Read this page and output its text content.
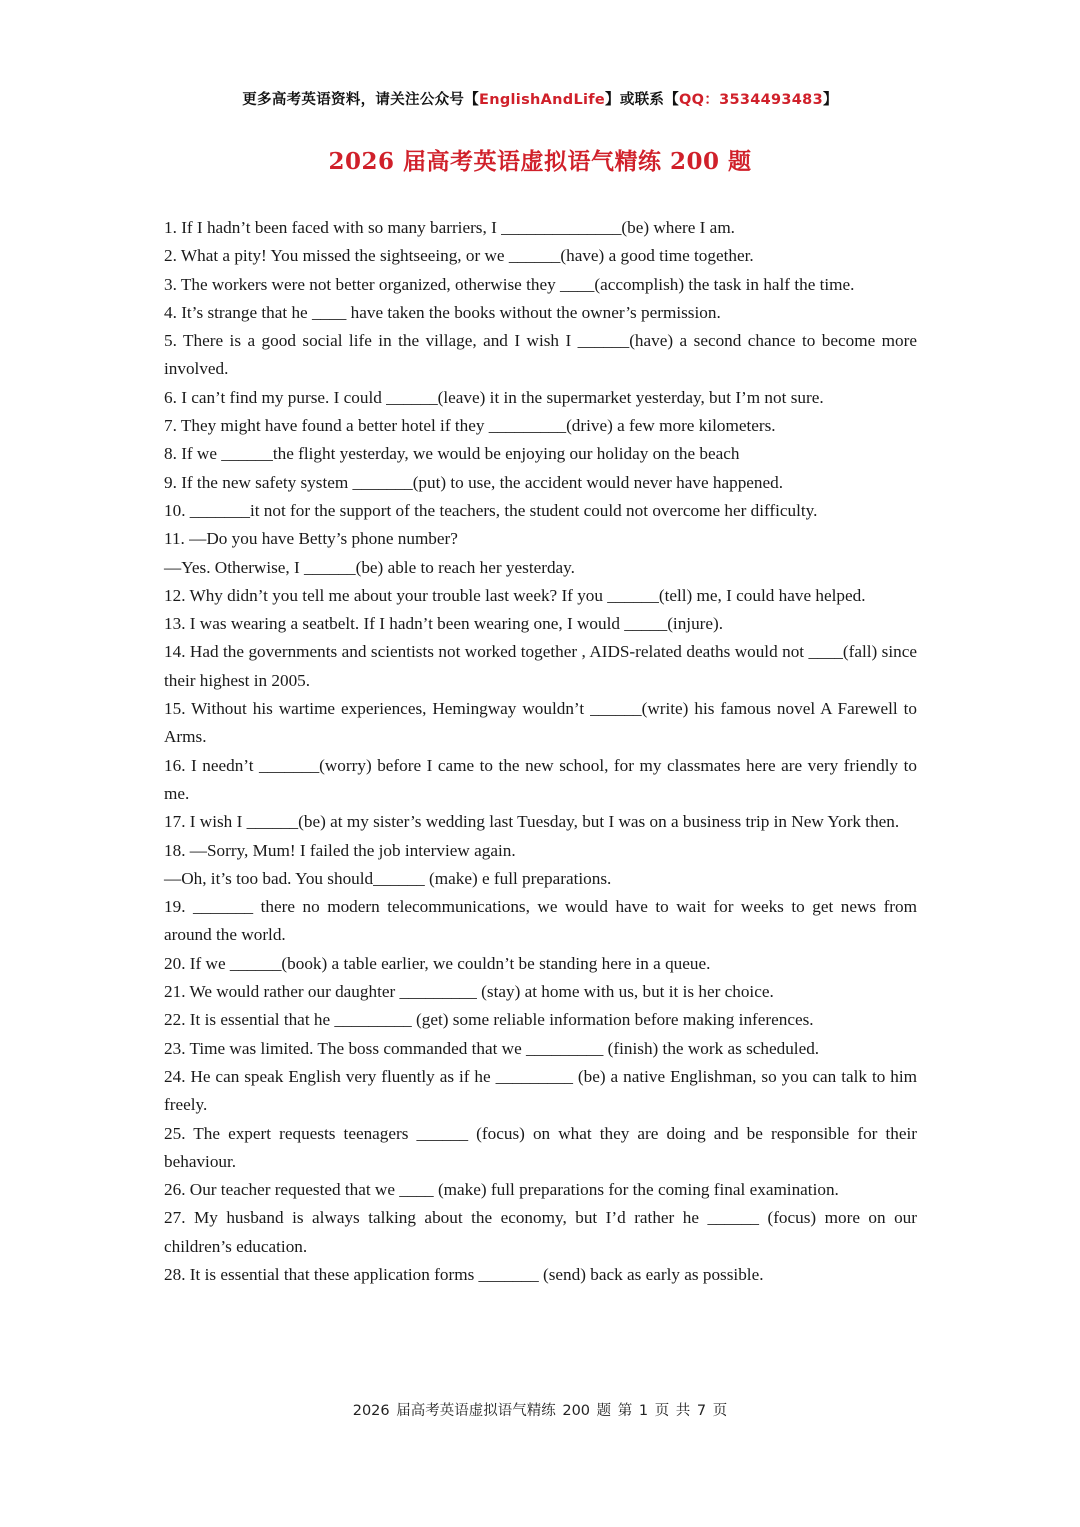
更多高考英语资料，请关注公众号【EnglishAndLife】或联系【QQ：3534493483】
2026 届高考英语虚拟语气精练 200 题

1. If I hadn’t been faced with so many barriers, I ______________(be) where I am.

2. What a pity! You missed the sightseeing, or we ______(have) a good time together.

3. The workers were not better organized, otherwise they ____(accomplish) the task in half the time.

4. It’s strange that he ____ have taken the books without the owner’s permission.

5. There is a good social life in the village, and I wish I ______(have) a second chance to become more involved.

6. I can’t find my purse. I could ______(leave) it in the supermarket yesterday, but I’m not sure.

7. They might have found a better hotel if they _________(drive) a few more kilometers.

8. If we ______the flight yesterday, we would be enjoying our holiday on the beach

9. If the new safety system _______(put) to use, the accident would never have happened.

10. _______it not for the support of the teachers, the student could not overcome her difficulty.

11. —Do you have Betty’s phone number?

—Yes. Otherwise, I ______(be) able to reach her yesterday.

12. Why didn’t you tell me about your trouble last week? If you ______(tell) me, I could have helped.

13. I was wearing a seatbelt. If I hadn’t been wearing one, I would _____(injure).

14. Had the governments and scientists not worked together , AIDS-related deaths would not ____(fall) since their highest in 2005.

15. Without his wartime experiences, Hemingway wouldn’t ______(write) his famous novel A Farewell to Arms.

16. I needn’t _______(worry) before I came to the new school, for my classmates here are very friendly to me.

17. I wish I ______(be) at my sister’s wedding last Tuesday, but I was on a business trip in New York then.

18. —Sorry, Mum! I failed the job interview again.

—Oh, it’s too bad. You should______ (make) e full preparations.

19. _______ there no modern telecommunications, we would have to wait for weeks to get news from around the world.

20. If we ______(book) a table earlier, we couldn’t be standing here in a queue.

21. We would rather our daughter _________ (stay) at home with us, but it is her choice.

22. It is essential that he _________ (get) some reliable information before making inferences.

23. Time was limited. The boss commanded that we _________ (finish) the work as scheduled.

24. He can speak English very fluently as if he _________ (be) a native Englishman, so you can talk to him freely.

25. The expert requests teenagers ______ (focus) on what they are doing and be responsible for their behaviour.

26. Our teacher requested that we ____ (make) full preparations for the coming final examination.

27. My husband is always talking about the economy, but I’d rather he ______ (focus) more on our children’s education.

28. It is essential that these application forms _______ (send) back as early as possible.

2026 届高考英语虚拟语气精练 200 题 第 1 页 共 7 页
